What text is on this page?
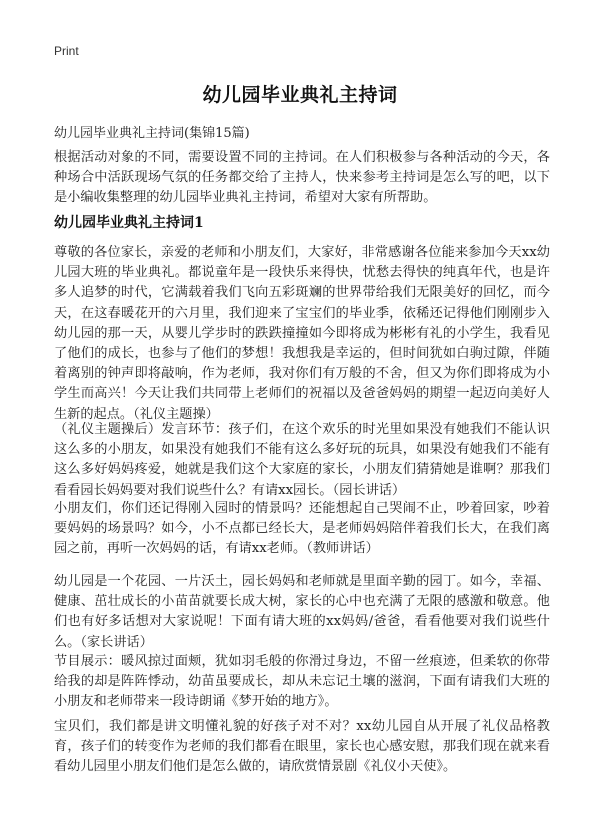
Print
幼儿园毕业典礼主持词
幼儿园毕业典礼主持词(集锦15篇)

根据活动对象的不同，需要设置不同的主持词。在人们积极参与各种活动的今天，各种场合中活跃现场气氛的任务都交给了主持人，快来参考主持词是怎么写的吧，以下是小编收集整理的幼儿园毕业典礼主持词，希望对大家有所帮助。

幼儿园毕业典礼主持词1

尊敬的各位家长，亲爱的老师和小朋友们，大家好，非常感谢各位能来参加今天xx幼儿园大班的毕业典礼。都说童年是一段快乐来得快，忧愁去得快的纯真年代，也是许多人追梦的时代，它满载着我们飞向五彩斑斓的世界带给我们无限美好的回忆，而今天，在这春暖花开的六月里，我们迎来了宝宝们的毕业季，依稀还记得他们刚刚步入幼儿园的那一天，从婴儿学步时的跌跌撞撞如今即将成为彬彬有礼的小学生，我看见了他们的成长，也参与了他们的梦想！我想我是幸运的，但时间犹如白驹过隙，伴随着离别的钟声即将敲响，作为老师，我对你们有万般的不舍，但又为你们即将成为小学生而高兴！今天让我们共同带上老师们的祝福以及爸爸妈妈的期望一起迈向美好人生新的起点。（礼仪主题操）

（礼仪主题操后）发言环节：孩子们，在这个欢乐的时光里如果没有她我们不能认识这么多的小朋友，如果没有她我们不能有这么多好玩的玩具，如果没有她我们不能有这么多好妈妈疼爱，她就是我们这个大家庭的家长，小朋友们猜猜她是谁啊？那我们看看园长妈妈要对我们说些什么？有请xx园长。（园长讲话）

小朋友们，你们还记得刚入园时的情景吗？还能想起自己哭闹不止，吵着回家，吵着要妈妈的场景吗？如今，小不点都已经长大，是老师妈妈陪伴着我们长大，在我们离园之前，再听一次妈妈的话，有请xx老师。（教师讲话）

幼儿园是一个花园、一片沃土，园长妈妈和老师就是里面辛勤的园丁。如今，幸福、健康、茁壮成长的小苗苗就要长成大树，家长的心中也充满了无限的感激和敬意。他们也有好多话想对大家说呢！下面有请大班的xx妈妈/爸爸，看看他要对我们说些什么。（家长讲话）

节目展示：暖风掠过面颊，犹如羽毛般的你滑过身边，不留一丝痕迹，但柔软的你带给我的却是阵阵悸动，幼苗虽要成长，却从未忘记土壤的滋润，下面有请我们大班的小朋友和老师带来一段诗朗诵《梦开始的地方》。

宝贝们，我们都是讲文明懂礼貌的好孩子对不对？xx幼儿园自从开展了礼仪品格教育，孩子们的转变作为老师的我们都看在眼里，家长也心感安慰，那我们现在就来看看幼儿园里小朋友们他们是怎么做的，请欣赏情景剧《礼仪小天使》。
